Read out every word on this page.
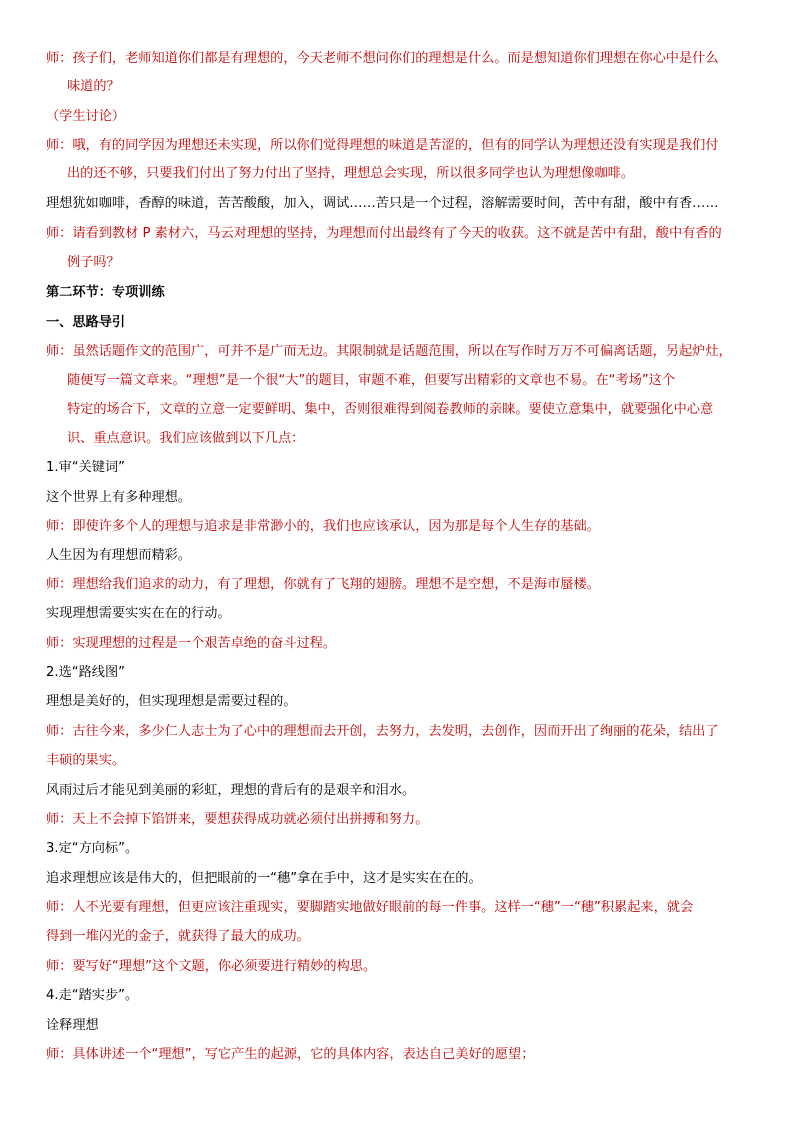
师：孩子们，老师知道你们都是有理想的，今天老师不想问你们的理想是什么。而是想知道你们理想在你心中是什么
味道的？
（学生讨论）
师：哦，有的同学因为理想还未实现，所以你们觉得理想的味道是苦涩的，但有的同学认为理想还没有实现是我们付
出的还不够，只要我们付出了努力付出了坚持，理想总会实现，所以很多同学也认为理想像咖啡。
理想犹如咖啡，香醇的味道，苦苦酸酸，加入，调试……苦只是一个过程，溶解需要时间，苦中有甜，酸中有香……
师：请看到教材 P 素材六，马云对理想的坚持，为理想而付出最终有了今天的收获。这不就是苦中有甜，酸中有香的
例子吗？
第二环节：专项训练
一、思路导引
师：虽然话题作文的范围广，可并不是广而无边。其限制就是话题范围，所以在写作时万万不可偏离话题，另起炉灶，
随便写一篇文章来。“理想”是一个很“大”的题目，审题不难，但要写出精彩的文章也不易。在“考场”这个
特定的场合下，文章的立意一定要鲜明、集中，否则很难得到阅卷教师的亲睐。要使立意集中，就要强化中心意
识、重点意识。我们应该做到以下几点：
1.审“关键词”
这个世界上有多种理想。
师：即使许多个人的理想与追求是非常渺小的，我们也应该承认，因为那是每个人生存的基础。
人生因为有理想而精彩。
师：理想给我们追求的动力，有了理想，你就有了飞翔的翅膀。理想不是空想，不是海市蜃楼。
实现理想需要实实在在的行动。
师：实现理想的过程是一个艰苦卓绝的奋斗过程。
2.选“路线图”
理想是美好的，但实现理想是需要过程的。
师：古往今来，多少仁人志士为了心中的理想而去开创，去努力，去发明，去创作，因而开出了绚丽的花朵，结出了
丰硕的果实。
风雨过后才能见到美丽的彩虹，理想的背后有的是艰辛和泪水。
师：天上不会掉下馅饼来，要想获得成功就必须付出拼搏和努力。
3.定“方向标”。
追求理想应该是伟大的，但把眼前的一“穗”拿在手中，这才是实实在在的。
师：人不光要有理想，但更应该注重现实，要脚踏实地做好眼前的每一件事。这样一“穗”一“穗”积累起来，就会
得到一堆闪光的金子，就获得了最大的成功。
师：要写好“理想”这个文题，你必须要进行精妙的构思。
4.走“踏实步”。
诠释理想
师：具体讲述一个“理想”，写它产生的起源，它的具体内容，表达自己美好的愿望；
